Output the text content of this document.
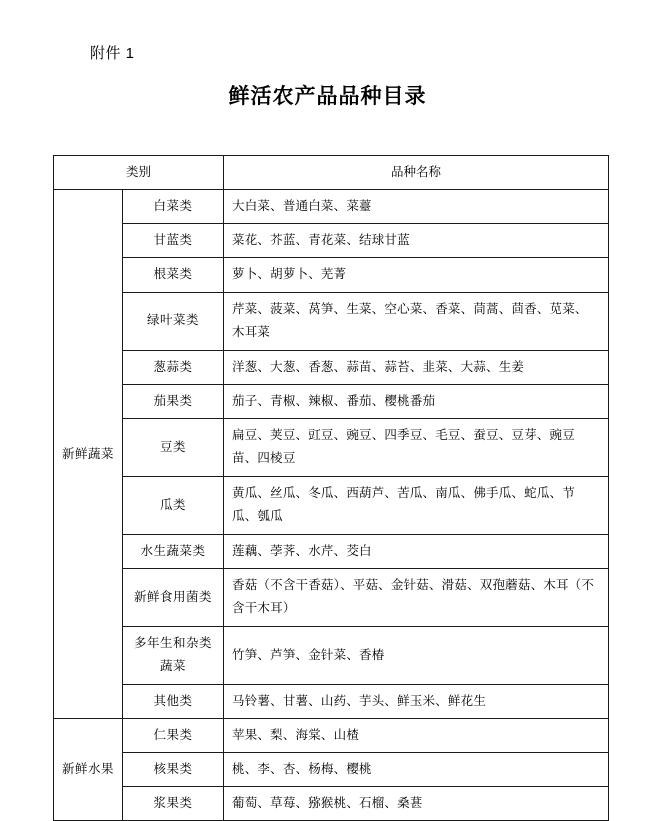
附件 1
鲜活农产品品种目录
类别		品种名称
新鲜蔬菜	白菜类	大白菜、普通白菜、菜薹
	甘蓝类	菜花、芥蓝、青花菜、结球甘蓝
	根菜类	萝卜、胡萝卜、芜菁
	绿叶菜类	芹菜、菠菜、莴笋、生菜、空心菜、香菜、茼蒿、茴香、苋菜、木耳菜
	葱蒜类	洋葱、大葱、香葱、蒜苗、蒜苔、韭菜、大蒜、生姜
	茄果类	茄子、青椒、辣椒、番茄、樱桃番茄
	豆类	扁豆、荚豆、豇豆、豌豆、四季豆、毛豆、蚕豆、豆芽、豌豆苗、四棱豆
	瓜类	黄瓜、丝瓜、冬瓜、西葫芦、苦瓜、南瓜、佛手瓜、蛇瓜、节瓜、瓠瓜
	水生蔬菜类	莲藕、荸荠、水芹、茭白
	新鲜食用菌类	香菇（不含干香菇）、平菇、金针菇、滑菇、双孢蘑菇、木耳（不含干木耳）
	多年生和杂类蔬菜	竹笋、芦笋、金针菜、香椿
	其他类	马铃薯、甘薯、山药、芋头、鲜玉米、鲜花生
新鲜水果	仁果类	苹果、梨、海棠、山楂
	核果类	桃、李、杏、杨梅、樱桃
	浆果类	葡萄、草莓、猕猴桃、石榴、桑葚
